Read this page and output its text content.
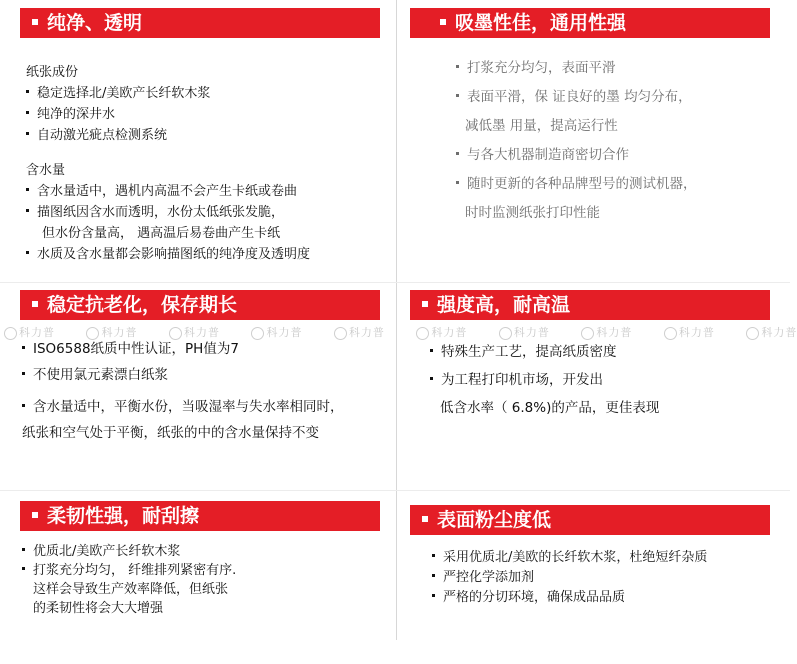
纯净、透明
纸张成份
稳定选择北/美欧产长纤软木浆
纯净的深井水
自动激光疵点检测系统
含水量
含水量适中，遇机内高温不会产生卡纸或卷曲
描图纸因含水而透明，水份太低纸张发脆，
但水份含量高， 遇高温后易卷曲产生卡纸
水质及含水量都会影响描图纸的纯净度及透明度
吸墨性佳，通用性强
打浆充分均匀，表面平滑
表面平滑，保 证良好的墨 均匀分布，
减低墨 用量，提高运行性
与各大机器制造商密切合作
随时更新的各种品牌型号的测试机器，
时时监测纸张打印性能
科力普	科力普	科力普	科力普	科力普	科力普	科力普	科力普	科力普	科力普
稳定抗老化，保存期长
ISO6588纸质中性认证，PH值为7
不使用氯元素漂白纸浆
含水量适中，平衡水份，当吸湿率与失水率相同时，
纸张和空气处于平衡，纸张的中的含水量保持不变
强度高，耐高温
特殊生产工艺，提高纸质密度
为工程打印机市场，开发出
低含水率（ 6.8%)的产品，更佳表现
柔韧性强，耐刮擦
优质北/美欧产长纤软木浆
打浆充分均匀， 纤维排列紧密有序.
这样会导致生产效率降低，但纸张
的柔韧性将会大大增强
表面粉尘度低
采用优质北/美欧的长纤软木浆，杜绝短纤杂质
严控化学添加剂
严格的分切环境，确保成品品质
